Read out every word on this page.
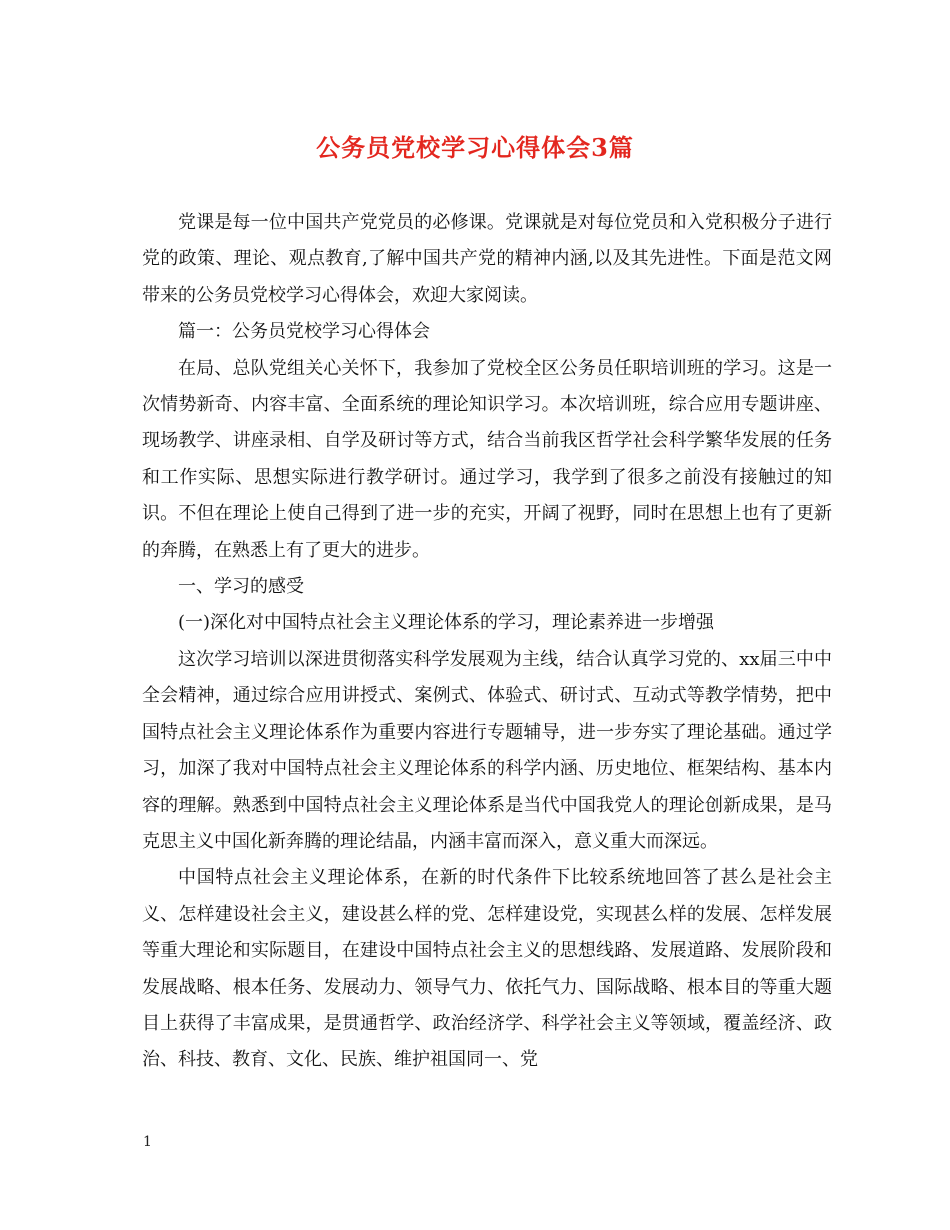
公务员党校学习心得体会3篇

党课是每一位中国共产党党员的必修课。党课就是对每位党员和入党积极分子进行党的政策、理论、观点教育,了解中国共产党的精神内涵,以及其先进性。下面是范文网带来的公务员党校学习心得体会，欢迎大家阅读。

篇一：公务员党校学习心得体会

在局、总队党组关心关怀下，我参加了党校全区公务员任职培训班的学习。这是一次情势新奇、内容丰富、全面系统的理论知识学习。本次培训班，综合应用专题讲座、现场教学、讲座录相、自学及研讨等方式，结合当前我区哲学社会科学繁华发展的任务和工作实际、思想实际进行教学研讨。通过学习，我学到了很多之前没有接触过的知识。不但在理论上使自己得到了进一步的充实，开阔了视野，同时在思想上也有了更新的奔腾，在熟悉上有了更大的进步。

一、学习的感受

(一)深化对中国特点社会主义理论体系的学习，理论素养进一步增强

这次学习培训以深进贯彻落实科学发展观为主线，结合认真学习党的、xx届三中中全会精神，通过综合应用讲授式、案例式、体验式、研讨式、互动式等教学情势，把中国特点社会主义理论体系作为重要内容进行专题辅导，进一步夯实了理论基础。通过学习，加深了我对中国特点社会主义理论体系的科学内涵、历史地位、框架结构、基本内容的理解。熟悉到中国特点社会主义理论体系是当代中国我党人的理论创新成果，是马克思主义中国化新奔腾的理论结晶，内涵丰富而深入，意义重大而深远。

中国特点社会主义理论体系，在新的时代条件下比较系统地回答了甚么是社会主义、怎样建设社会主义，建设甚么样的党、怎样建设党，实现甚么样的发展、怎样发展等重大理论和实际题目，在建设中国特点社会主义的思想线路、发展道路、发展阶段和发展战略、根本任务、发展动力、领导气力、依托气力、国际战略、根本目的等重大题目上获得了丰富成果，是贯通哲学、政治经济学、科学社会主义等领域，覆盖经济、政治、科技、教育、文化、民族、维护祖国同一、党

1
